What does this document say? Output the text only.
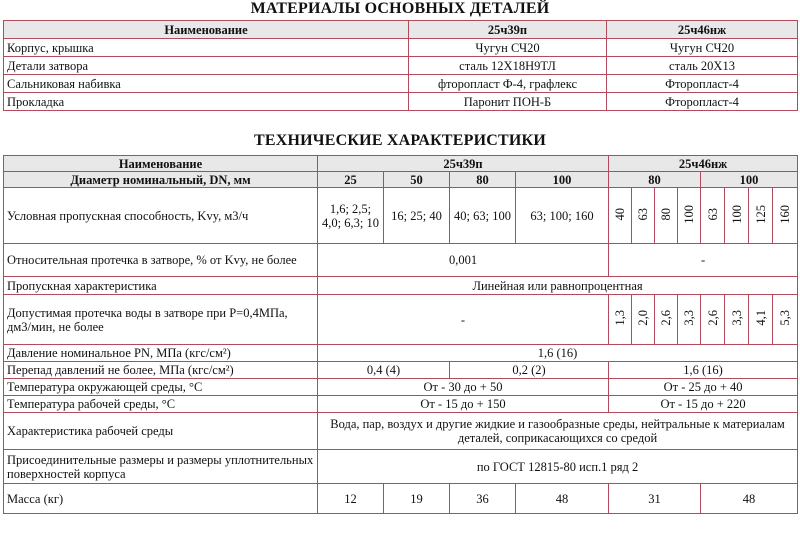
МАТЕРИАЛЫ ОСНОВНЫХ ДЕТАЛЕЙ
Наименование	25ч39п	25ч46нж
Корпус, крышка	Чугун СЧ20	Чугун СЧ20
Детали затвора	сталь 12Х18Н9ТЛ	сталь 20Х13
Сальниковая набивка	фторопласт Ф-4, графлекс	Фторопласт-4
Прокладка	Паронит ПОН-Б	Фторопласт-4
ТЕХНИЧЕСКИЕ ХАРАКТЕРИСТИКИ
Наименование	25ч39п				25ч46нж							
Диаметр номинальный, DN, мм	25	50	80	100	80				100			
Условная пропускная способность, Kvy, м3/ч	1,6; 2,5; 4,0; 6,3; 10	16; 25; 40	40; 63; 100	63; 100; 160	40	63	80	100	63	100	125	160
Относительная протечка в затворе, % от Kvy, не более	0,001				-							
Пропускная характеристика	Линейная или равнопроцентная											
Допустимая протечка воды в затворе при P=0,4МПа, дм3/мин, не более	-				1,3	2,0	2,6	3,3	2,6	3,3	4,1	5,3
Давление номинальное PN, МПа (кгс/см²)	1,6 (16)											
Перепад давлений не более, МПа (кгс/см²)	0,4 (4)		0,2 (2)		1,6 (16)							
Температура окружающей среды, °С	От - 30 до + 50				От - 25 до + 40							
Температура рабочей среды, °С	От - 15 до + 150				От - 15 до + 220							
Характеристика рабочей среды	Вода, пар, воздух и другие жидкие и газообразные среды, нейтральные к материалам деталей, соприкасающихся со средой											
Присоединительные размеры и размеры уплотнительных поверхностей корпуса	по ГОСТ 12815-80 исп.1 ряд 2											
Масса (кг)	12	19	36	48	31				48			
